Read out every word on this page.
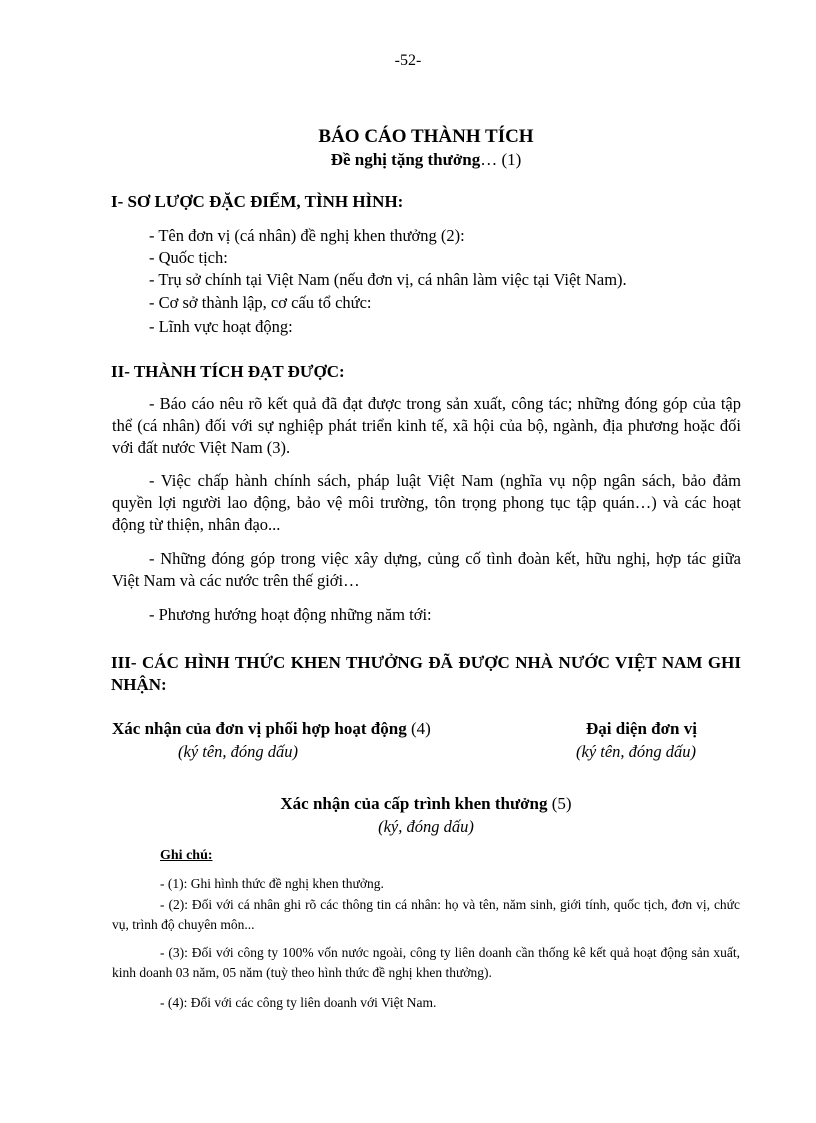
-52-
BÁO CÁO THÀNH TÍCH
Đề nghị tặng thưởng… (1)
I- SƠ LƯỢC ĐẶC ĐIỂM, TÌNH HÌNH:
- Tên đơn vị (cá nhân) đề nghị khen thưởng (2):
- Quốc tịch:
- Trụ sở chính tại Việt Nam (nếu đơn vị, cá nhân làm việc tại Việt Nam).
- Cơ sở thành lập, cơ cấu tổ chức:
- Lĩnh vực hoạt động:
II- THÀNH TÍCH ĐẠT ĐƯỢC:
- Báo cáo nêu rõ kết quả đã đạt được trong sản xuất, công tác; những đóng góp của tập thể (cá nhân) đối với sự nghiệp phát triển kinh tế, xã hội của bộ, ngành, địa phương hoặc đối với đất nước Việt Nam (3).
- Việc chấp hành chính sách, pháp luật Việt Nam (nghĩa vụ nộp ngân sách, bảo đảm quyền lợi người lao động, bảo vệ môi trường, tôn trọng phong tục tập quán…) và các hoạt động từ thiện, nhân đạo...
- Những đóng góp trong việc xây dựng, củng cố tình đoàn kết, hữu nghị, hợp tác giữa Việt Nam và các nước trên thế giới…
- Phương hướng hoạt động những năm tới:
III- CÁC HÌNH THỨC KHEN THƯỞNG ĐÃ ĐƯỢC NHÀ NƯỚC VIỆT NAM GHI NHẬN:
Xác nhận của đơn vị phối hợp hoạt động (4)
(ký tên, đóng dấu)
Đại diện đơn vị
(ký tên, đóng dấu)
Xác nhận của cấp trình khen thưởng (5)
(ký, đóng dấu)
Ghi chú:
- (1): Ghi hình thức đề nghị khen thưởng.
- (2): Đối với cá nhân ghi rõ các thông tin cá nhân: họ và tên, năm sinh, giới tính, quốc tịch, đơn vị, chức vụ, trình độ chuyên môn...
- (3): Đối với công ty 100% vốn nước ngoài, công ty liên doanh cần thống kê kết quả hoạt động sản xuất, kinh doanh 03 năm, 05 năm (tuỳ theo hình thức đề nghị khen thưởng).
- (4): Đối với các công ty liên doanh với Việt Nam.
